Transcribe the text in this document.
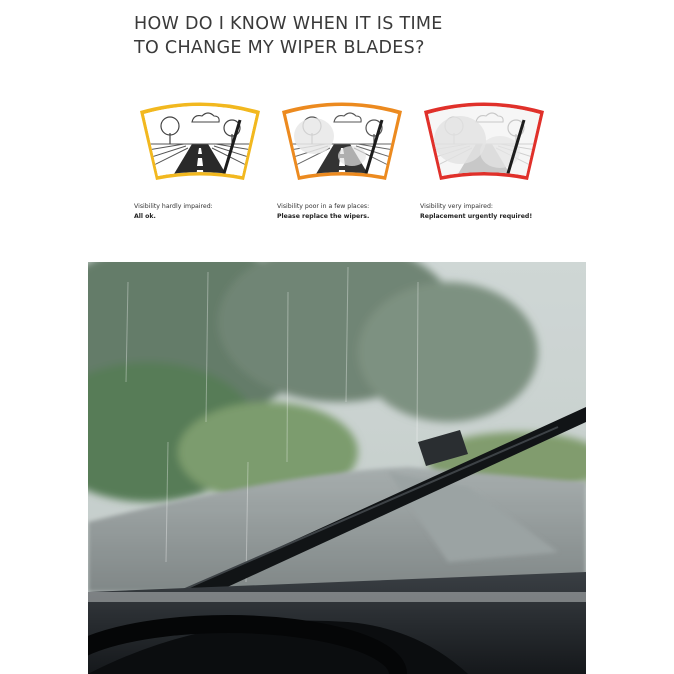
HOW DO I KNOW WHEN IT IS TIME
TO CHANGE MY WIPER BLADES?
Visibility hardly impaired:
All ok.
Visibility poor in a few places:
Please replace the wipers.
Visibility very impaired:
Replacement urgently required!
